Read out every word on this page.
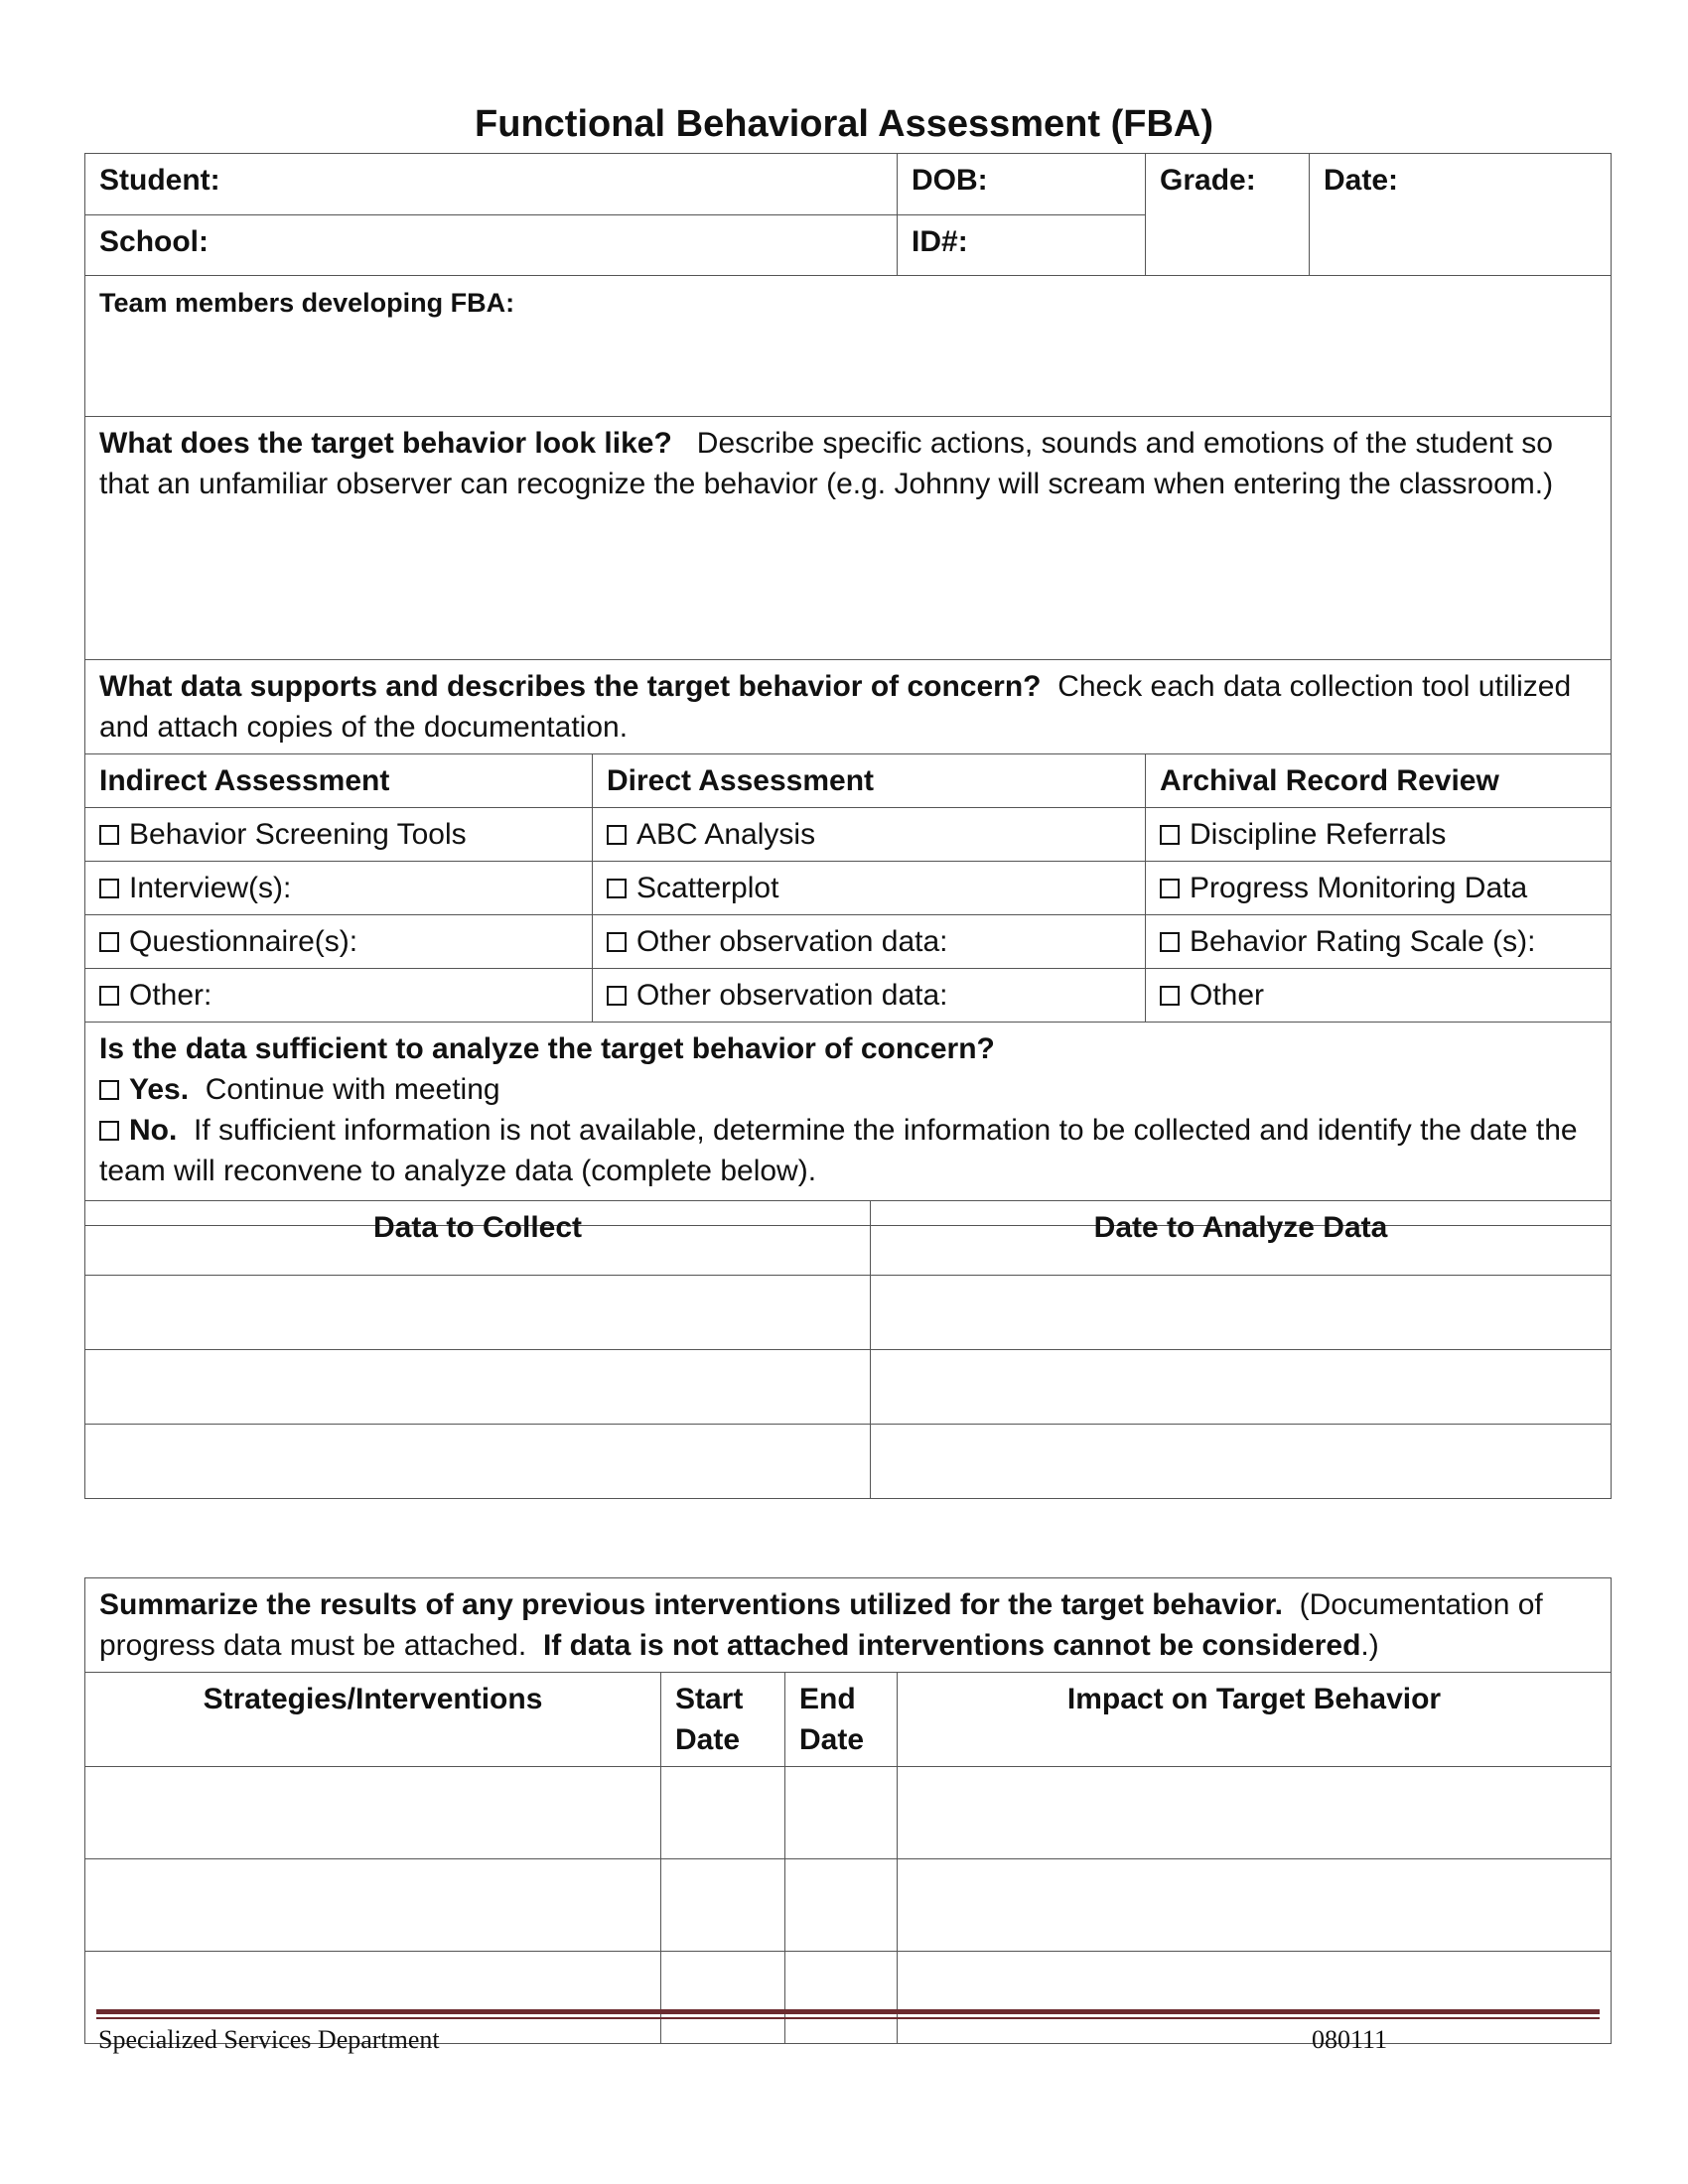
Functional Behavioral Assessment (FBA)
Student:		DOB:	Grade:	Date:
School:		ID#:		
Team members developing FBA:				
What does the target behavior look like? Describe specific actions, sounds and emotions of the student so that an unfamiliar observer can recognize the behavior (e.g. Johnny will scream when entering the classroom.)				
What data supports and describes the target behavior of concern? Check each data collection tool utilized and attach copies of the documentation.				
Indirect Assessment	Direct Assessment		Archival Record Review	
Behavior Screening Tools	ABC Analysis		Discipline Referrals	
Interview(s):	Scatterplot		Progress Monitoring Data	
Questionnaire(s):	Other observation data:		Behavior Rating Scale (s):	
Other:	Other observation data:		Other	

Is the data sufficient to analyze the target behavior of concern?
Yes. Continue with meeting
No. If sufficient information is not available, determine the information to be collected and identify the date the team will reconvene to analyze data (complete below).				
Data to Collect	Date to Analyze Data

Summarize the results of any previous interventions utilized for the target behavior. (Documentation of progress data must be attached. If data is not attached interventions cannot be considered.)			
Strategies/Interventions	Start Date	End Date	Impact on Target Behavior

Specialized Services Department	080111
